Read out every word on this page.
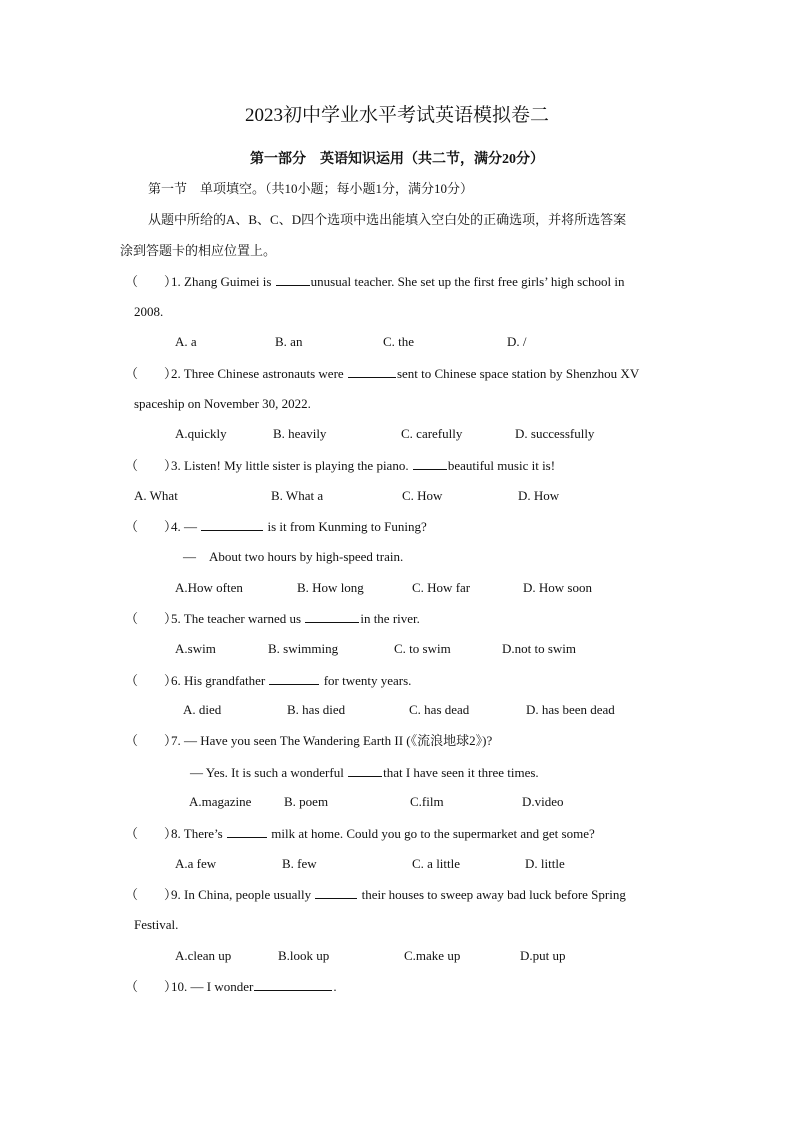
2023初中学业水平考试英语模拟卷二
第一部分　英语知识运用（共二节，满分20分）
第一节　单项填空。（共10小题；每小题1分，满分10分）
从题中所给的A、B、C、D四个选项中选出能填入空白处的正确选项，并将所选答案
涂到答题卡的相应位置上。
（　　）1. Zhang Guimei is	unusual teacher. She set up the first free girls’ high school in
2008.
A. a	B. an	C. the	D. /
（　　）2. Three Chinese astronauts were	sent to Chinese space station by Shenzhou XV
spaceship on November 30, 2022.
A.quickly	B. heavily	C. carefully	D. successfully
（　　）3. Listen! My little sister is playing the piano.	beautiful music it is!
A. What	B. What a	C. How	D. How
（　　）4. —	is it from Kunming to Funing?
—　About two hours by high-speed train.
A.How often	B. How long	C. How far	D. How soon
（　　）5. The teacher warned us	in the river.
A.swim	B. swimming	C. to swim	D.not to swim
（　　）6. His grandfather	for twenty years.
A. died	B. has died	C. has dead	D. has been dead
（　　）7. — Have you seen The Wandering Earth II (《流浪地球2》)?
— Yes. It is such a wonderful	that I have seen it three times.
A.magazine	B. poem	C.film	D.video
（　　）8. There’s	milk at home. Could you go to the supermarket and get some?
A.a few	B. few	C. a little	D. little
（　　）9. In China, people usually	their houses to sweep away bad luck before Spring
Festival.
A.clean up	B.look up	C.make up	D.put up
（　　）10. — I wonder	.
